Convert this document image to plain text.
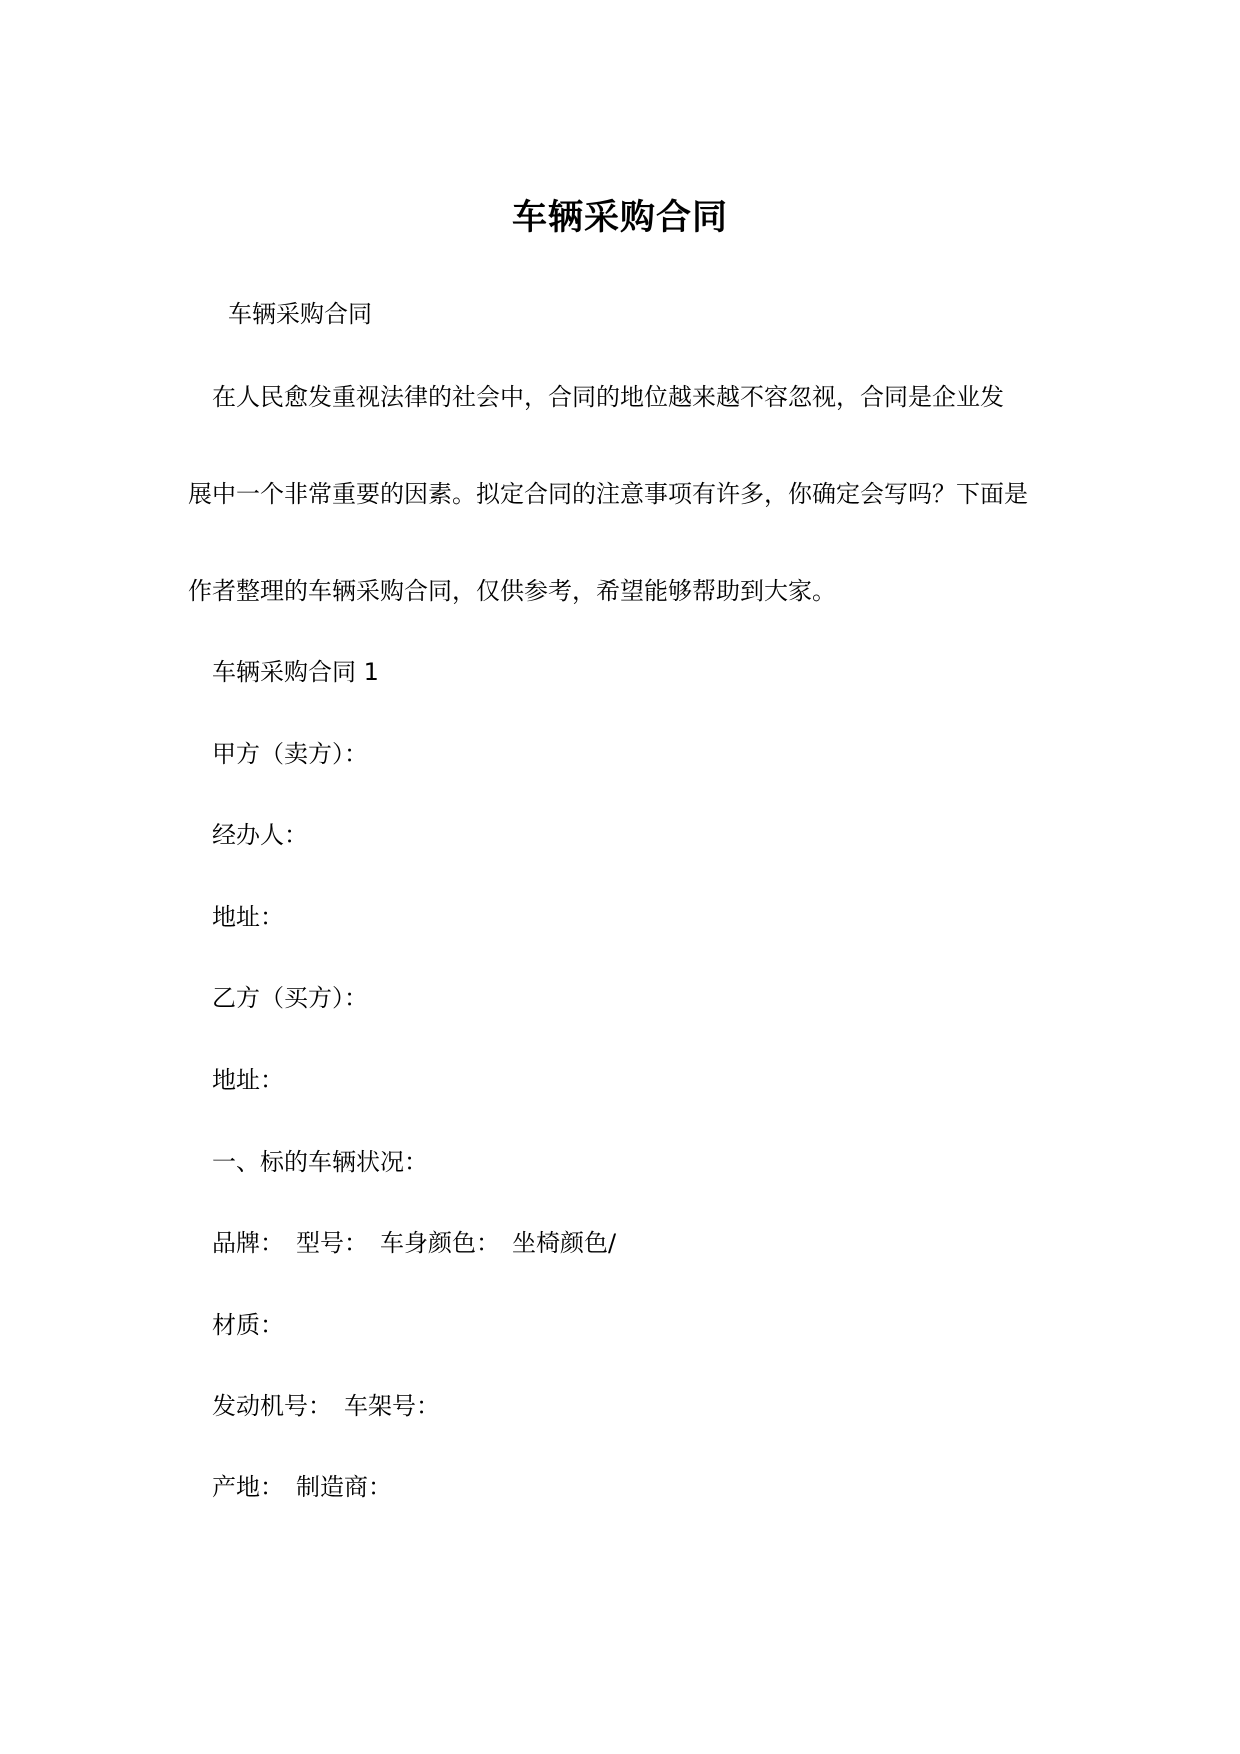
车辆采购合同
车辆采购合同
在人民愈发重视法律的社会中，合同的地位越来越不容忽视，合同是企业发
展中一个非常重要的因素。拟定合同的注意事项有许多，你确定会写吗？下面是
作者整理的车辆采购合同，仅供参考，希望能够帮助到大家。
车辆采购合同 1
甲方（卖方）：
经办人：
地址：
乙方（买方）：
地址：
一、标的车辆状况：
品牌： 型号： 车身颜色： 坐椅颜色/
材质：
发动机号： 车架号：
产地： 制造商：
